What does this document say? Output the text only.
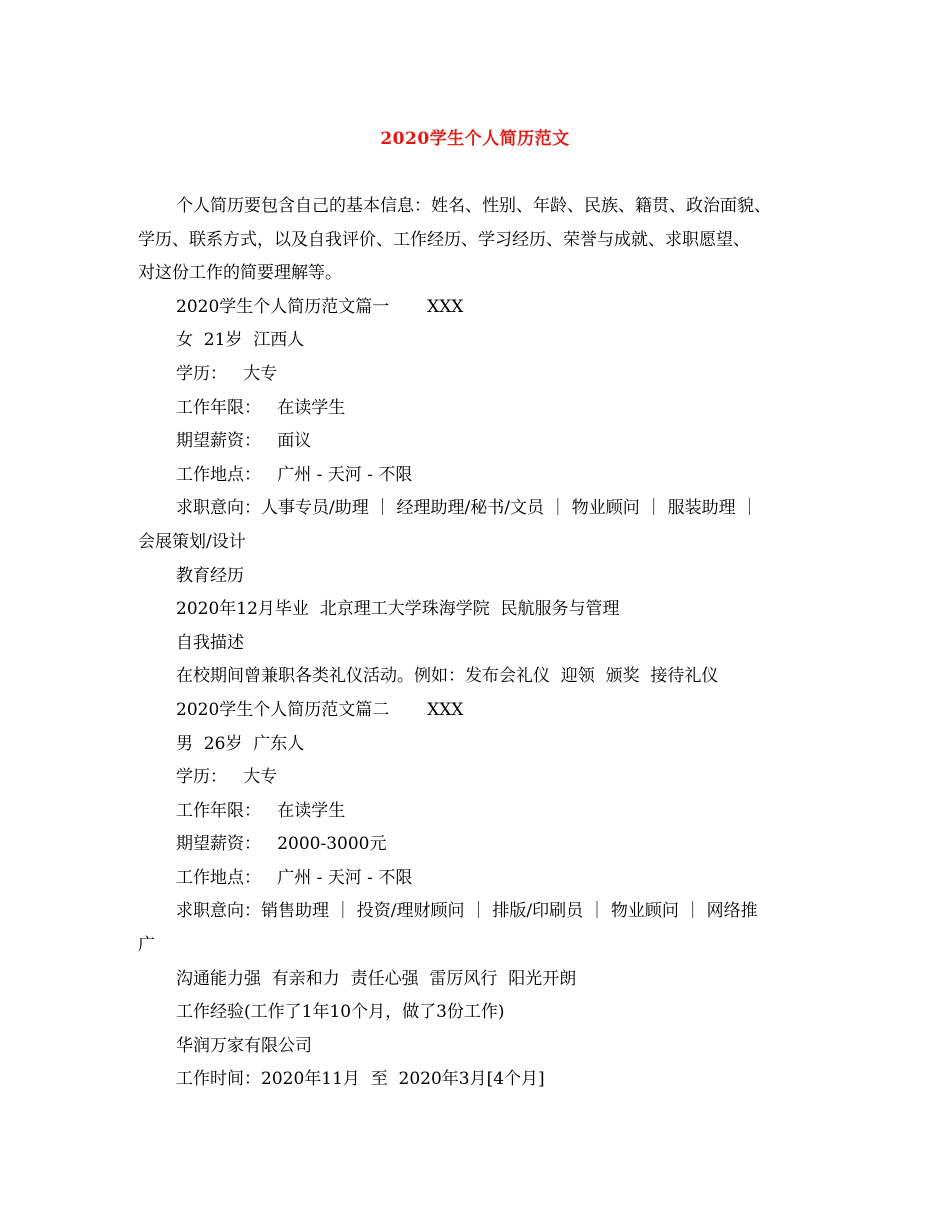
2020学生个人简历范文
个人简历要包含自己的基本信息：姓名、性别、年龄、民族、籍贯、政治面貌、
学历、联系方式，以及自我评价、工作经历、学习经历、荣誉与成就、求职愿望、
对这份工作的简要理解等。
2020学生个人简历范文篇一       XXX
女  21岁  江西人
学历：   大专
工作年限：   在读学生
期望薪资：   面议
工作地点：   广州 - 天河 - 不限
求职意向：人事专员/助理 ｜ 经理助理/秘书/文员 ｜ 物业顾问 ｜ 服装助理 ｜
会展策划/设计
教育经历
2020年12月毕业  北京理工大学珠海学院  民航服务与管理
自我描述
在校期间曾兼职各类礼仪活动。例如：发布会礼仪  迎领  颁奖  接待礼仪
2020学生个人简历范文篇二       XXX
男  26岁  广东人
学历：   大专
工作年限：   在读学生
期望薪资：   2000-3000元
工作地点：   广州 - 天河 - 不限
求职意向：销售助理 ｜ 投资/理财顾问 ｜ 排版/印刷员 ｜ 物业顾问 ｜ 网络推
广
沟通能力强  有亲和力  责任心强  雷厉风行  阳光开朗
工作经验(工作了1年10个月，做了3份工作)
华润万家有限公司
工作时间：2020年11月  至  2020年3月[4个月]
